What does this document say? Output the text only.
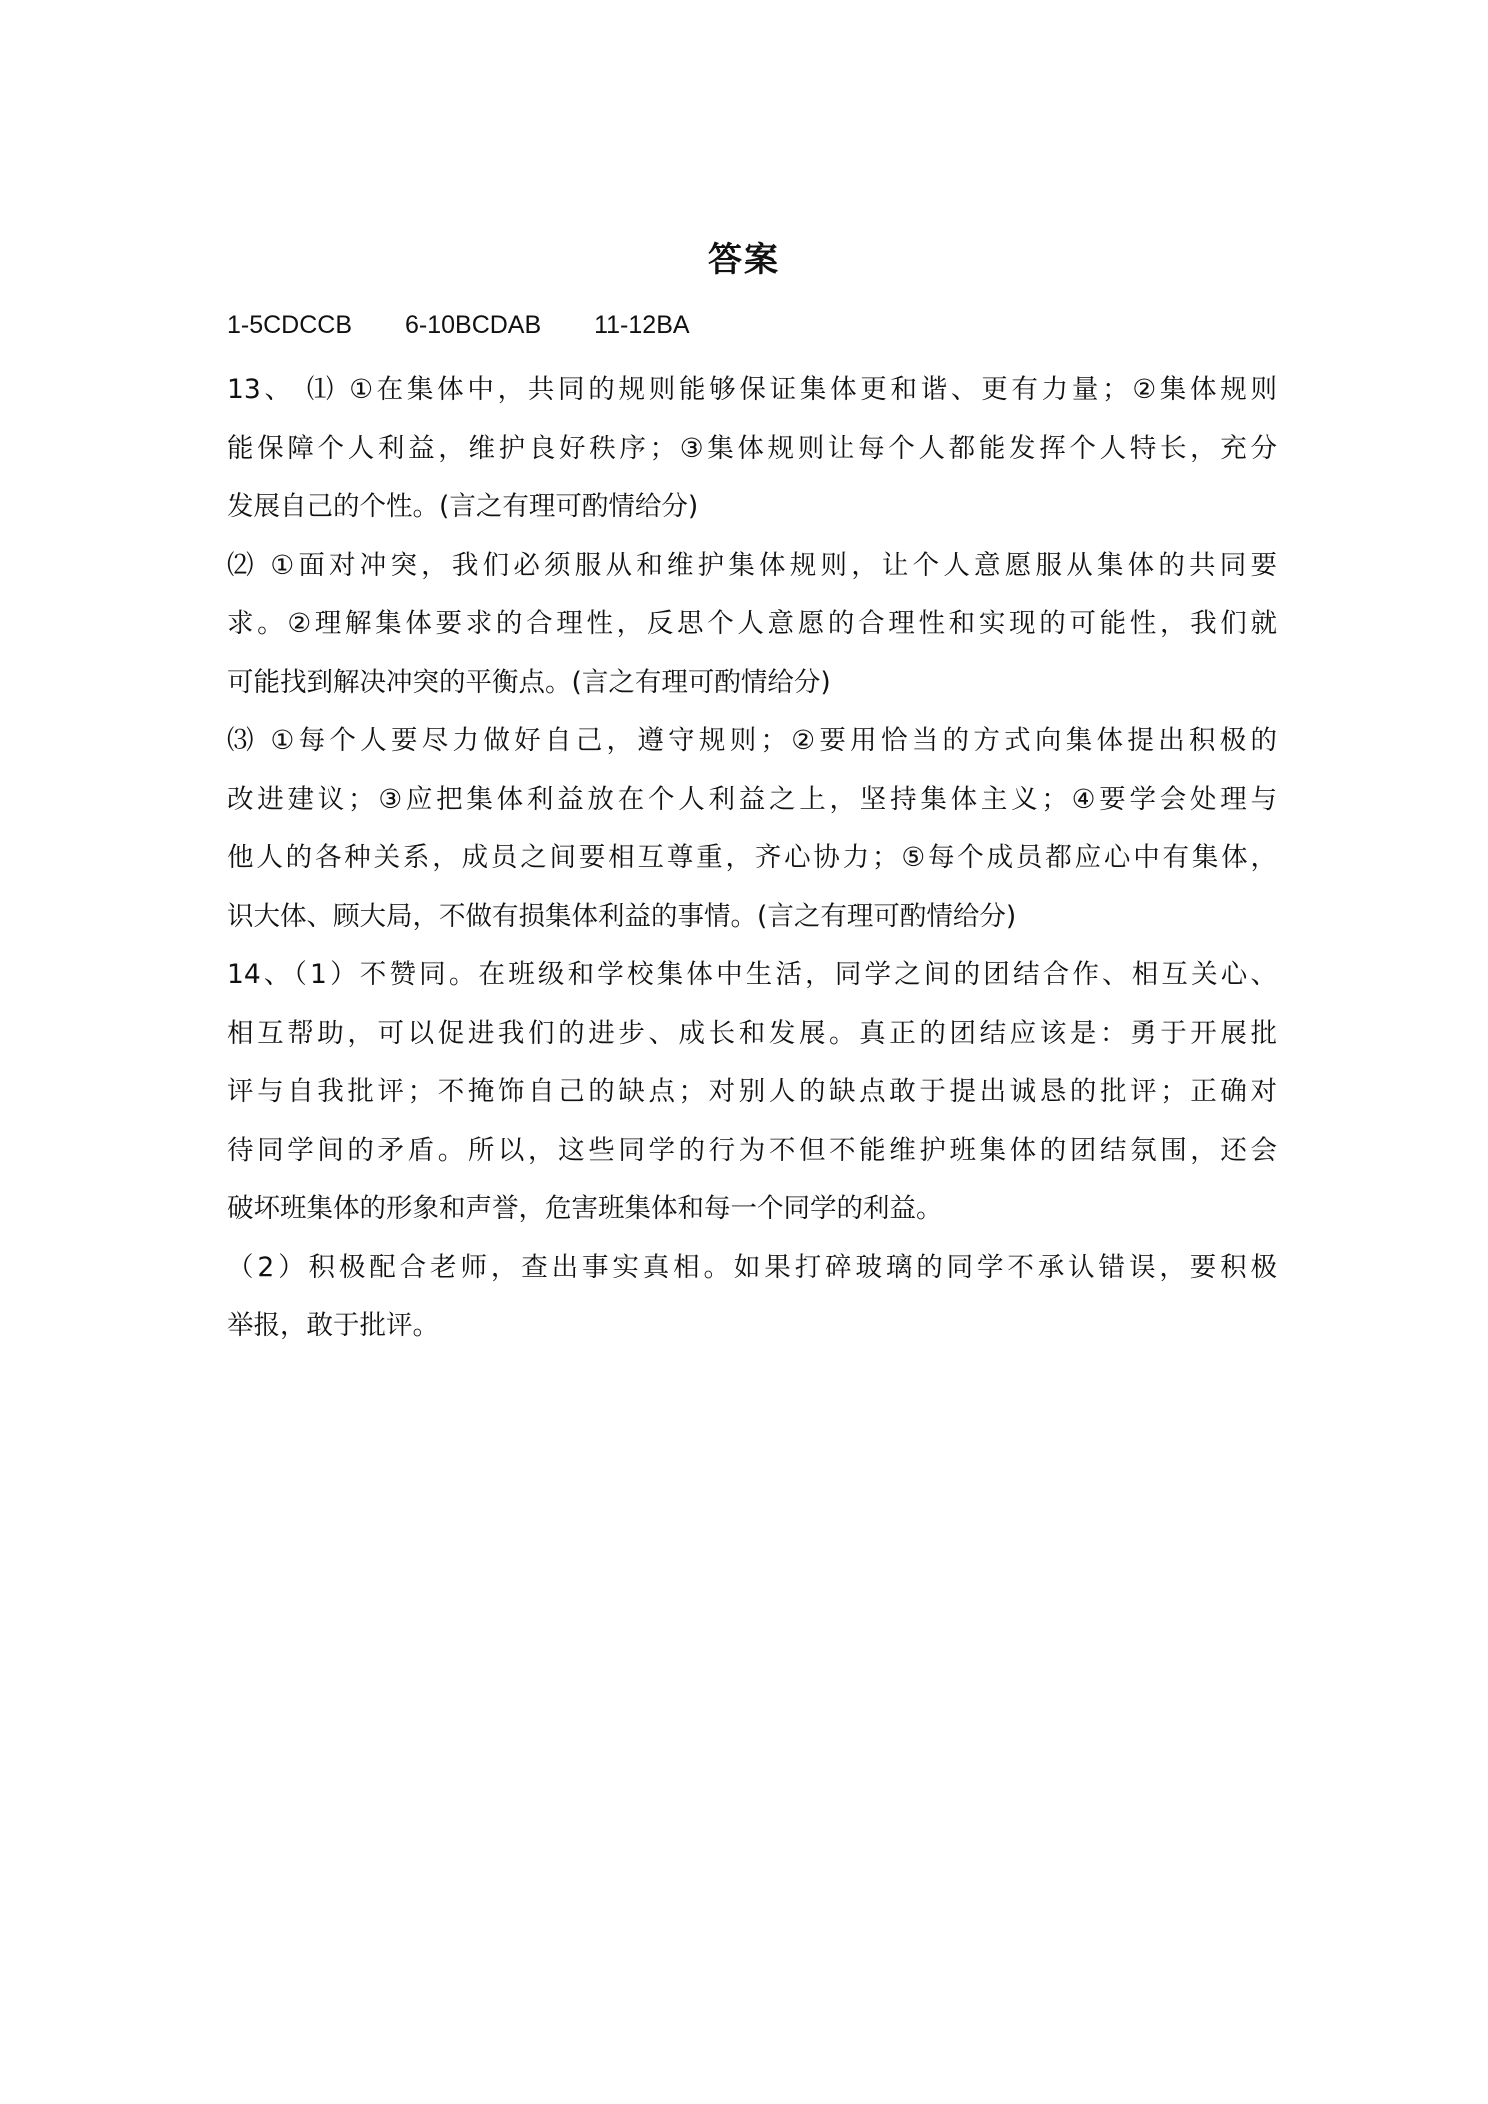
答案
1-5CDCCB 6-10BCDAB 11-12BA
13、 ⑴ ①在集体中，共同的规则能够保证集体更和谐、更有力量；②集体规则
能保障个人利益，维护良好秩序；③集体规则让每个人都能发挥个人特长，充分
发展自己的个性。(言之有理可酌情给分)
⑵ ①面对冲突，我们必须服从和维护集体规则，让个人意愿服从集体的共同要
求。②理解集体要求的合理性，反思个人意愿的合理性和实现的可能性，我们就
可能找到解决冲突的平衡点。(言之有理可酌情给分)
⑶ ①每个人要尽力做好自己，遵守规则；②要用恰当的方式向集体提出积极的
改进建议；③应把集体利益放在个人利益之上，坚持集体主义；④要学会处理与
他人的各种关系，成员之间要相互尊重，齐心协力；⑤每个成员都应心中有集体，
识大体、顾大局，不做有损集体利益的事情。(言之有理可酌情给分)
14、（1）不赞同。在班级和学校集体中生活，同学之间的团结合作、相互关心、
相互帮助，可以促进我们的进步、成长和发展。真正的团结应该是：勇于开展批
评与自我批评；不掩饰自己的缺点；对别人的缺点敢于提出诚恳的批评；正确对
待同学间的矛盾。所以，这些同学的行为不但不能维护班集体的团结氛围，还会
破坏班集体的形象和声誉，危害班集体和每一个同学的利益。
（2）积极配合老师，查出事实真相。如果打碎玻璃的同学不承认错误，要积极
举报，敢于批评。
